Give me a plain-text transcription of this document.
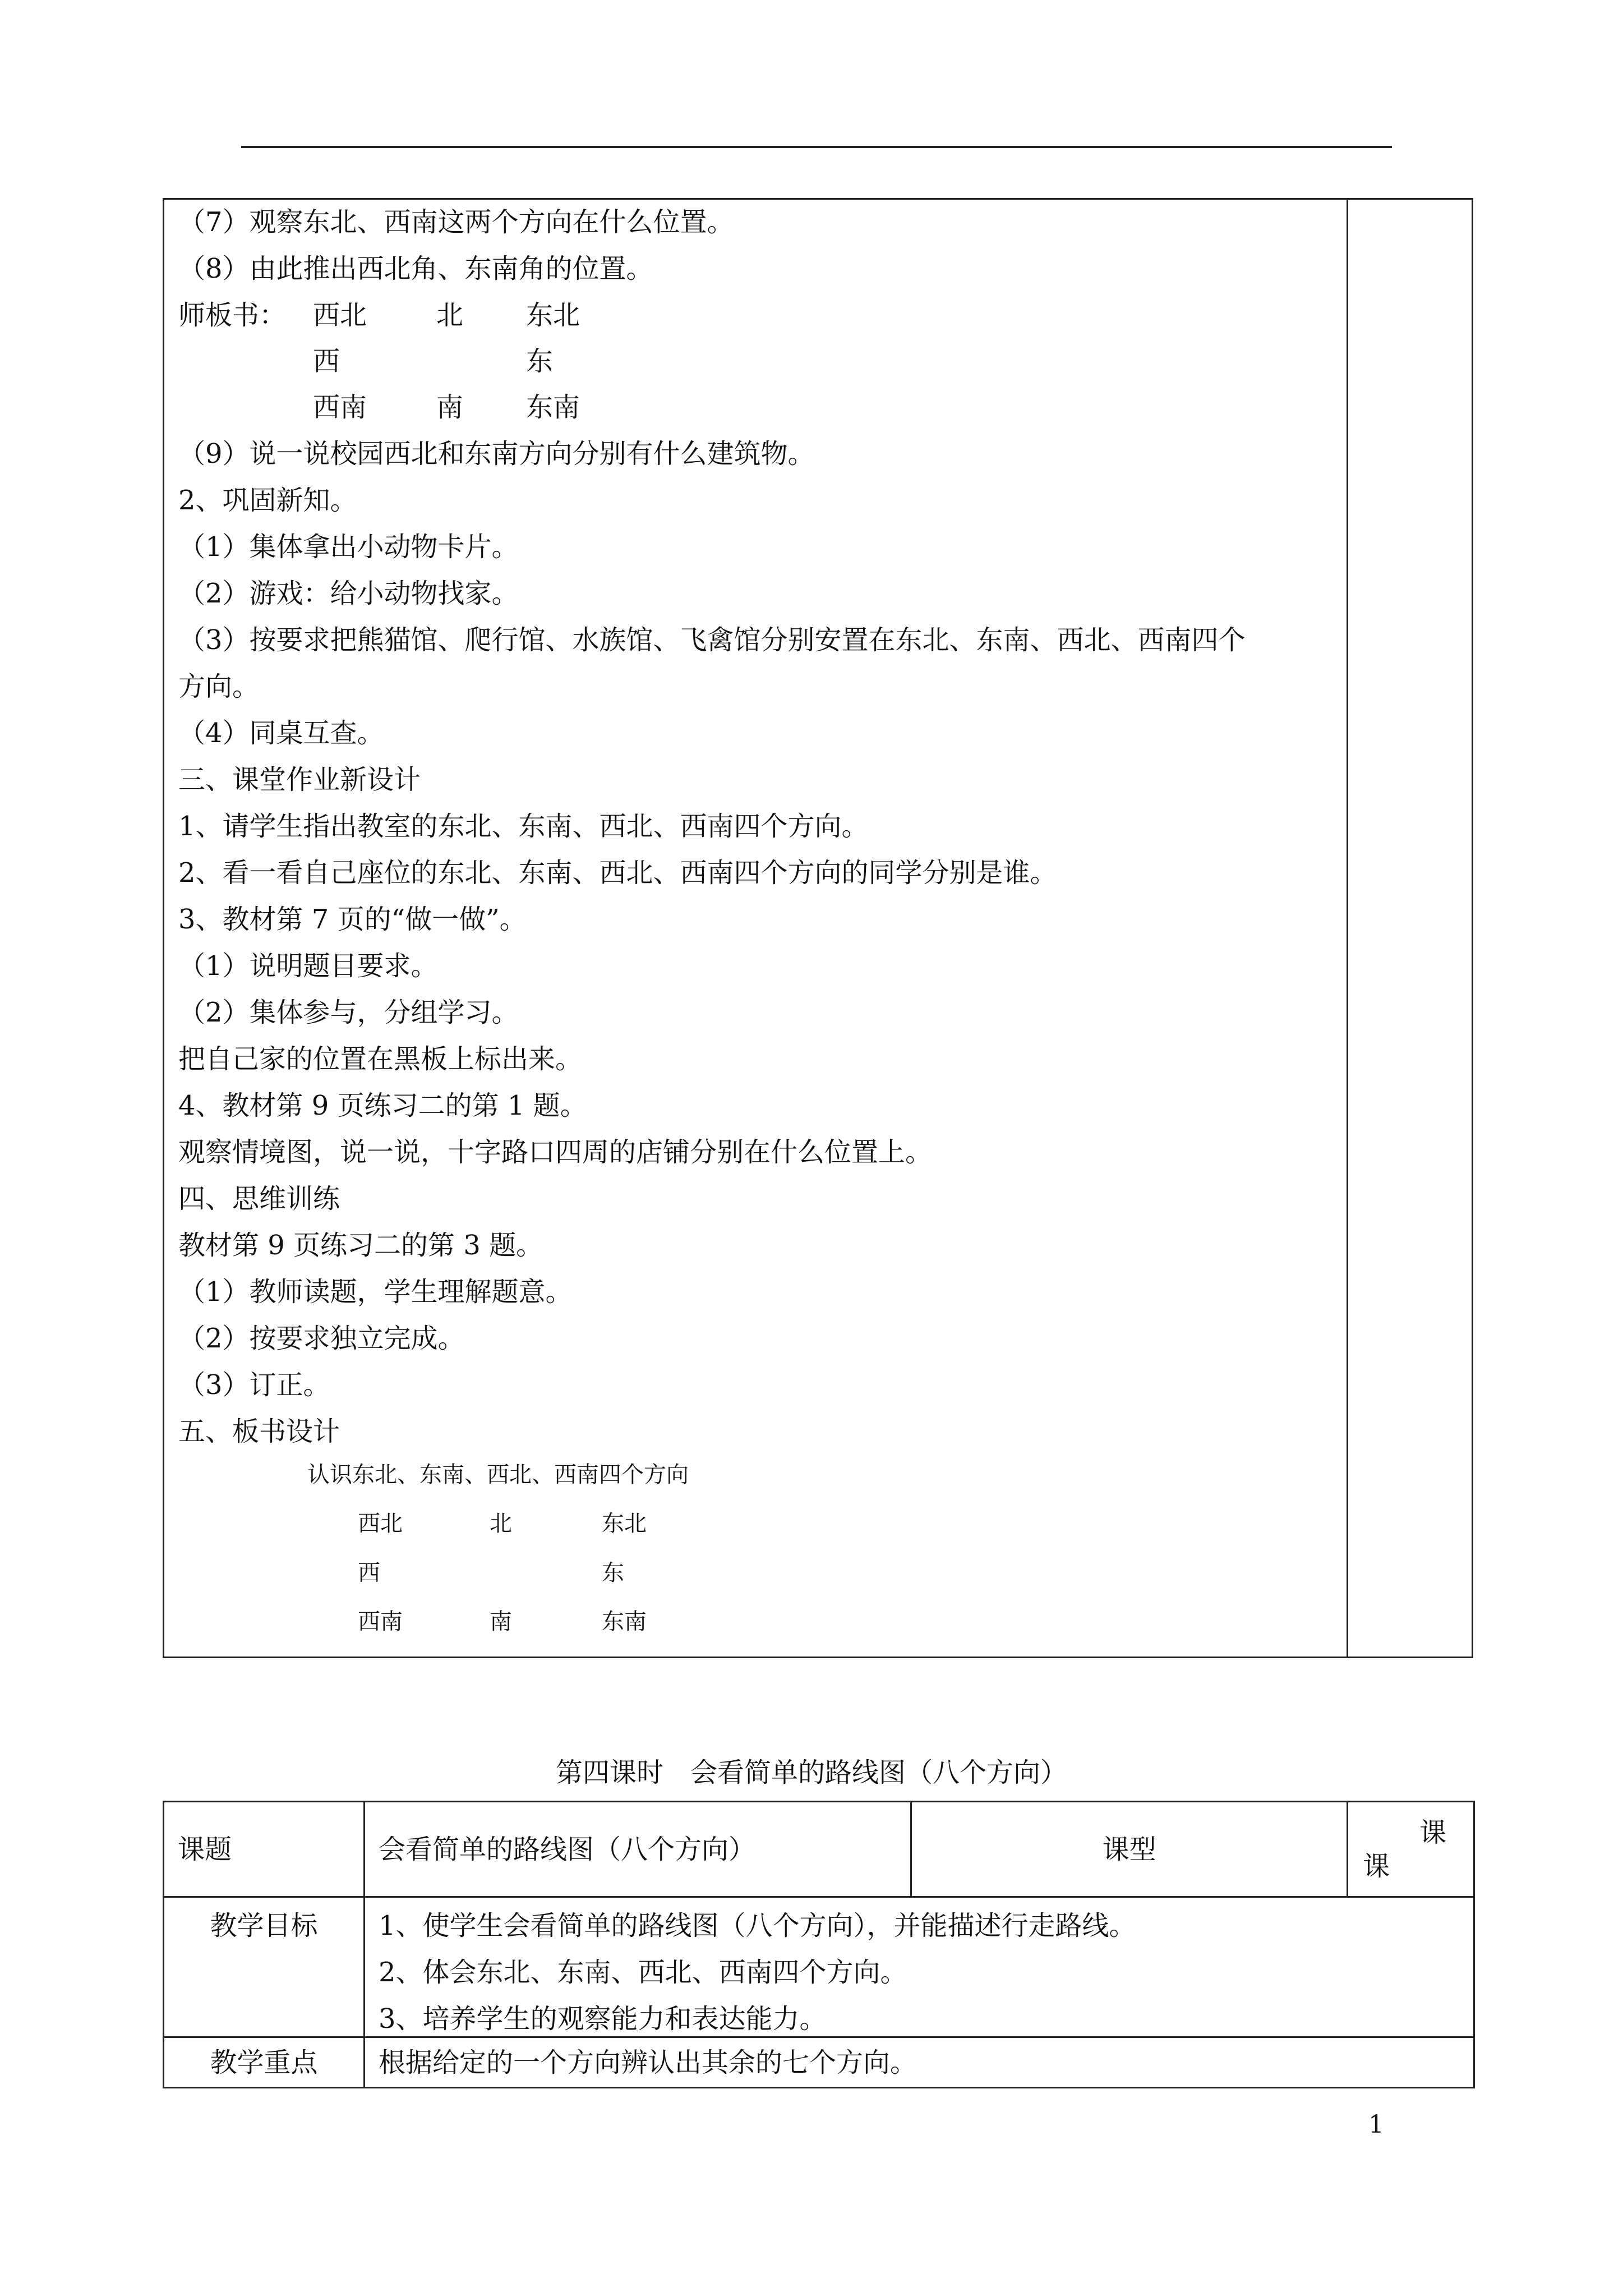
（7）观察东北、西南这两个方向在什么位置。
（8）由此推出西北角、东南角的位置。
师板书： 西北	北 东北
西	东
西南	南 东南
（9）说一说校园西北和东南方向分别有什么建筑物。
2、巩固新知。
（1）集体拿出小动物卡片。
（2）游戏：给小动物找家。
（3）按要求把熊猫馆、爬行馆、水族馆、飞禽馆分别安置在东北、东南、西北、西南四个
方向。
（4）同桌互查。
三、课堂作业新设计
1、请学生指出教室的东北、东南、西北、西南四个方向。
2、看一看自己座位的东北、东南、西北、西南四个方向的同学分别是谁。
3、教材第 7 页的“做一做”。
（1）说明题目要求。
（2）集体参与，分组学习。
把自己家的位置在黑板上标出来。
4、教材第 9 页练习二的第 1 题。
观察情境图，说一说，十字路口四周的店铺分别在什么位置上。
四、思维训练
教材第 9 页练习二的第 3 题。
（1）教师读题，学生理解题意。
（2）按要求独立完成。
（3）订正。
五、板书设计
认识东北、东南、西北、西南四个方向
西北	北	东北
西	东
西南	南	东南
第四课时　会看简单的路线图（八个方向）
课题	会看简单的路线图（八个方向）	课型	课
课

教学目标	1、使学生会看简单的路线图（八个方向），并能描述行走路线。
2、体会东北、东南、西北、西南四个方向。
3、培养学生的观察能力和表达能力。		

教学重点	根据给定的一个方向辨认出其余的七个方向。		
1
